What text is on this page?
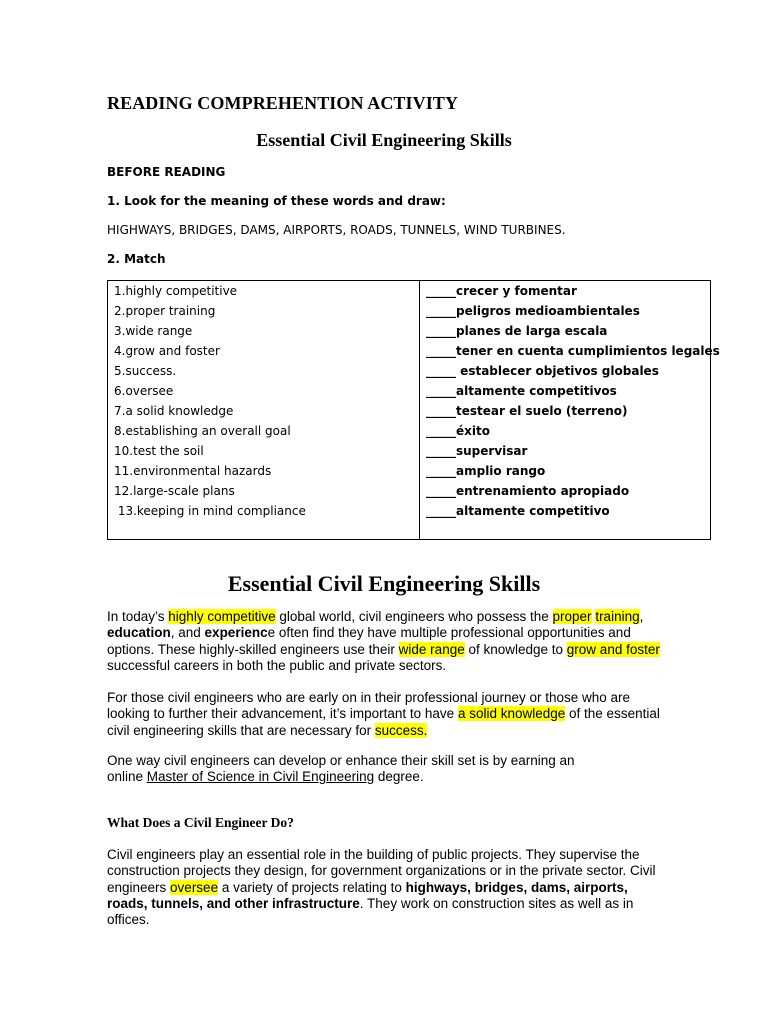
READING COMPREHENTION ACTIVITY
Essential Civil Engineering Skills

BEFORE READING

1. Look for the meaning of these words and draw:

HIGHWAYS, BRIDGES, DAMS, AIRPORTS, ROADS, TUNNELS, WIND TURBINES.

2. Match

1.highly competitive
2.proper training
3.wide range
4.grow and foster
5.success.
6.oversee
7.a solid knowledge
8.establishing an overall goal
10.test the soil
11.environmental hazards
12.large-scale plans
13.keeping in mind compliance
_____crecer y fomentar
_____peligros medioambientales
_____planes de larga escala
_____tener en cuenta cumplimientos legales
_____ establecer objetivos globales
_____altamente competitivos
_____testear el suelo (terreno)
_____éxito
_____supervisar
_____amplio rango
_____entrenamiento apropiado
_____altamente competitivo
Essential Civil Engineering Skills

In today’s highly competitive global world, civil engineers who possess the proper training, education, and experience often find they have multiple professional opportunities and options. These highly-skilled engineers use their wide range of knowledge to grow and foster successful careers in both the public and private sectors.

For those civil engineers who are early on in their professional journey or those who are looking to further their advancement, it’s important to have a solid knowledge of the essential civil engineering skills that are necessary for success.

One way civil engineers can develop or enhance their skill set is by earning an online Master of Science in Civil Engineering degree.

What Does a Civil Engineer Do?

Civil engineers play an essential role in the building of public projects. They supervise the construction projects they design, for government organizations or in the private sector. Civil engineers oversee a variety of projects relating to highways, bridges, dams, airports, roads, tunnels, and other infrastructure. They work on construction sites as well as in offices.
